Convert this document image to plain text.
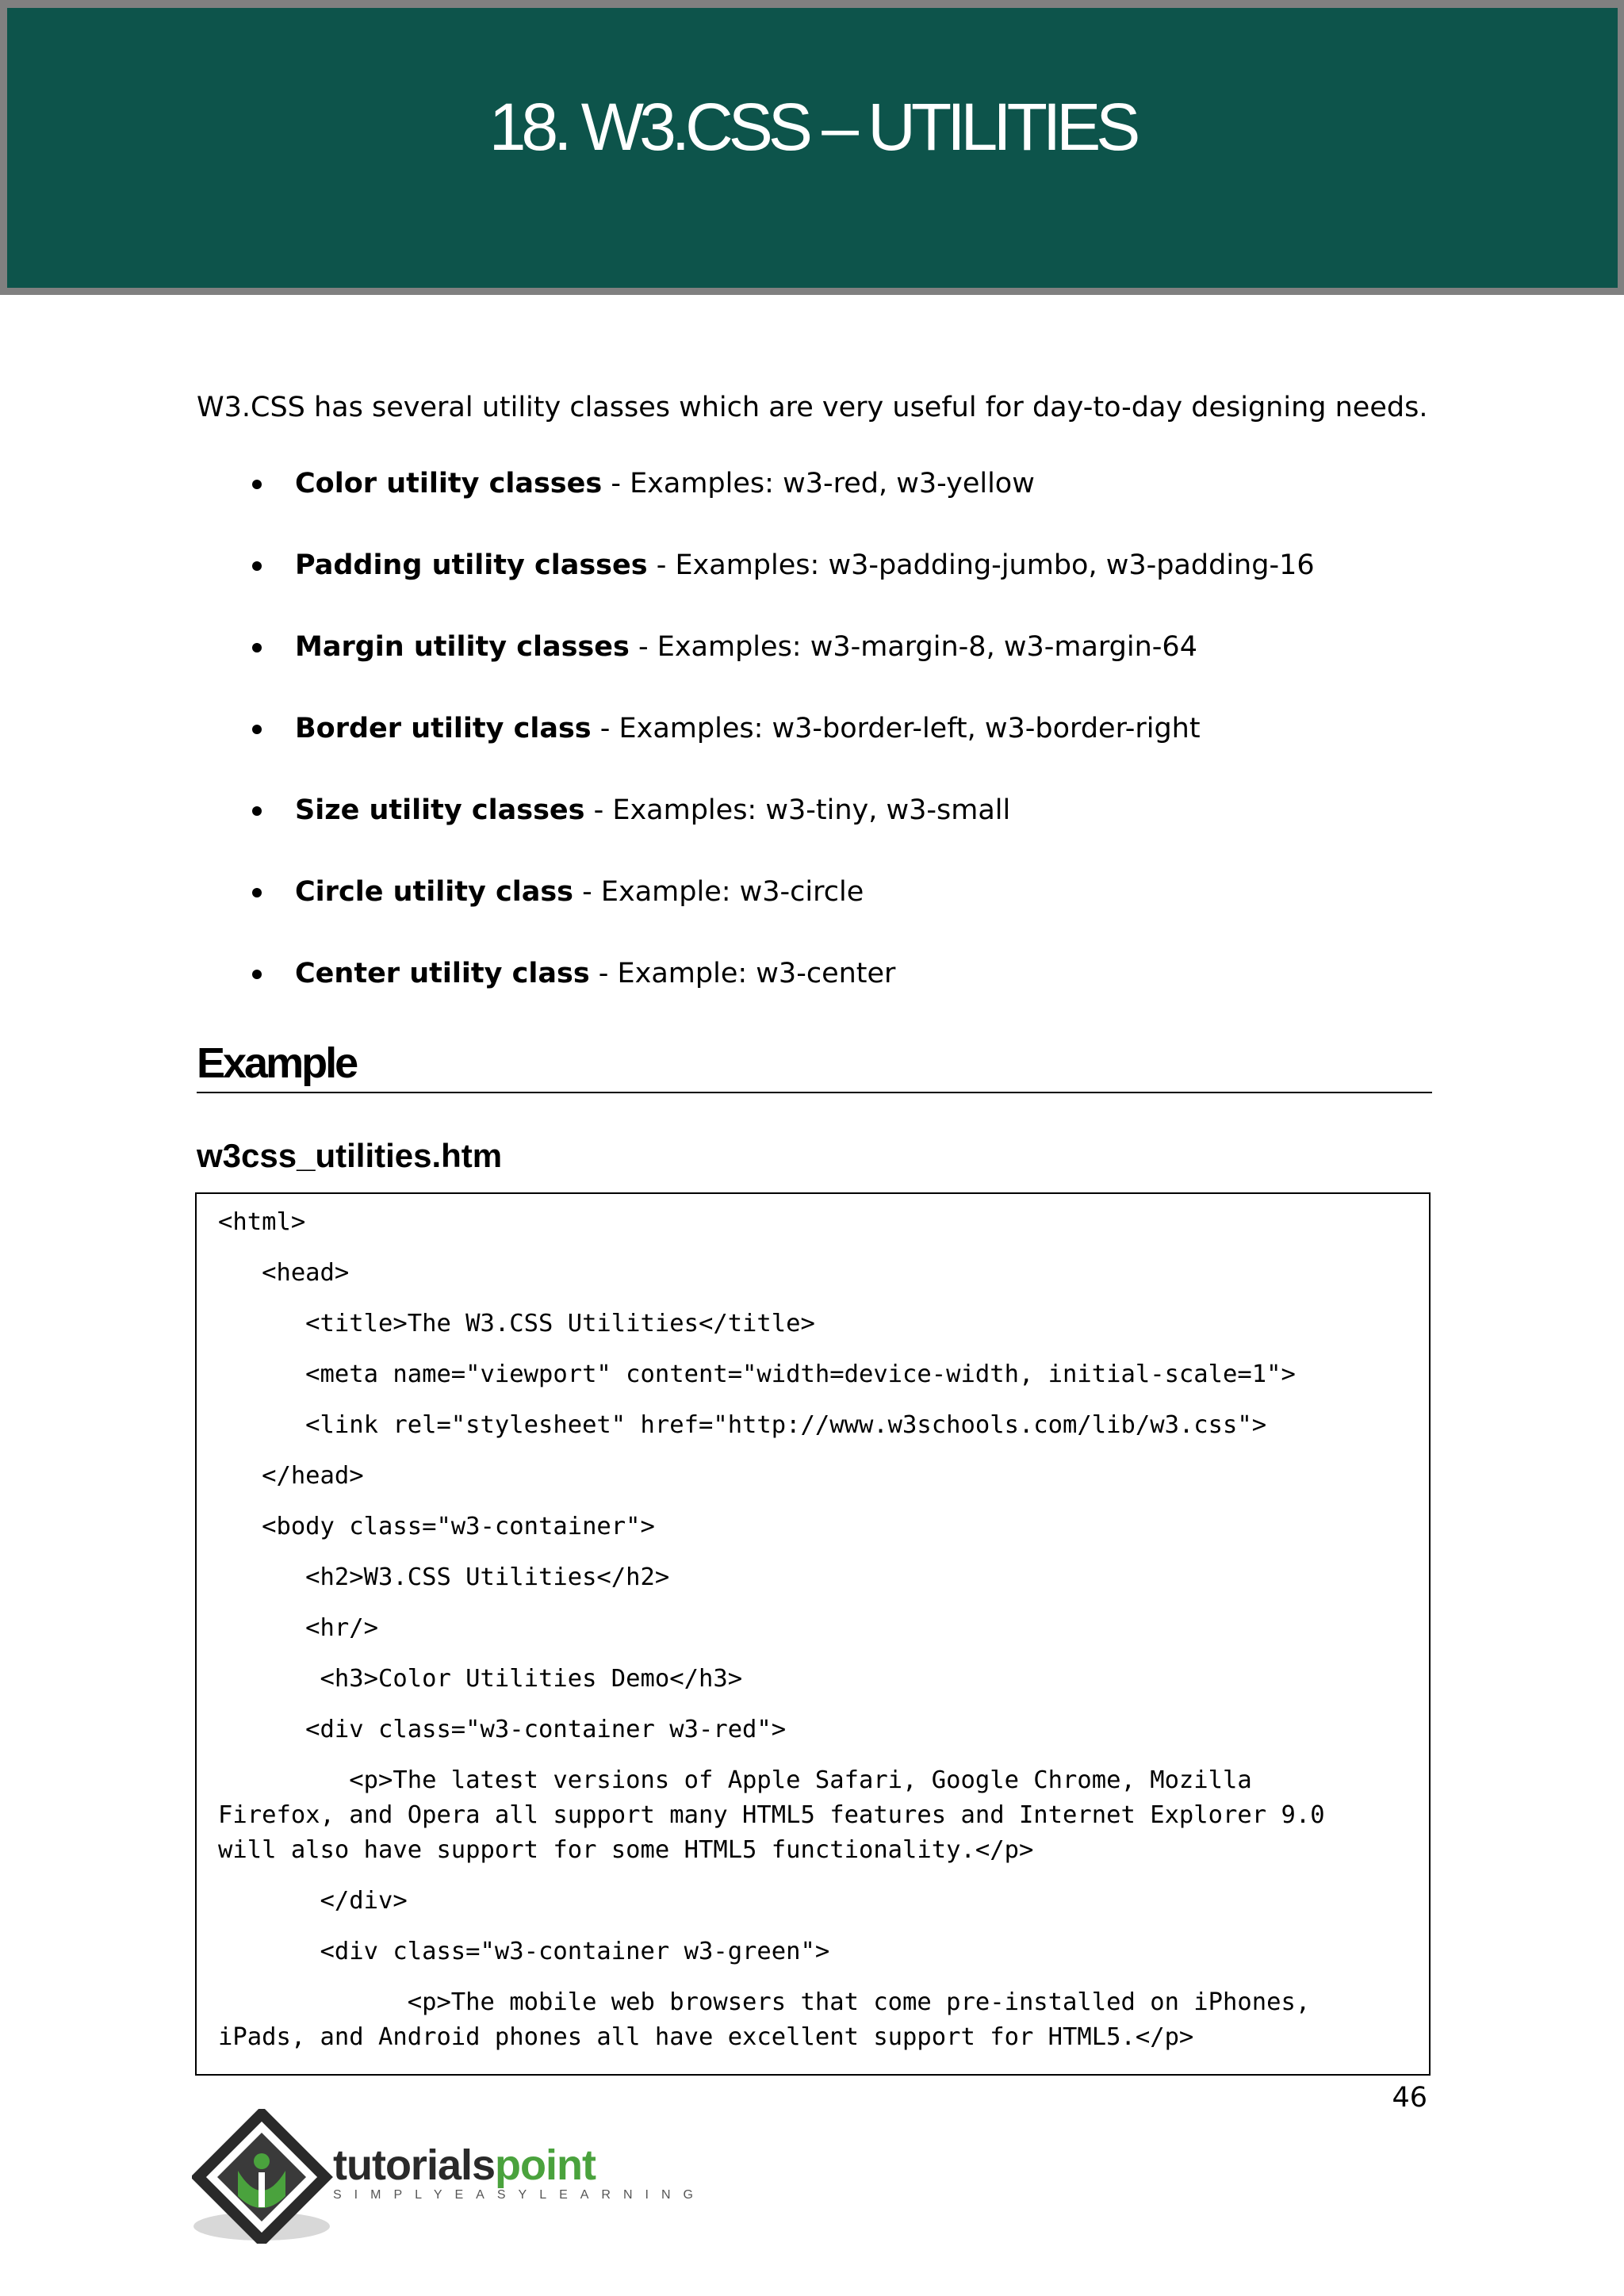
18. W3.CSS – UTILITIES
W3.CSS has several utility classes which are very useful for day-to-day designing needs.
Color utility classes - Examples: w3-red, w3-yellow
Padding utility classes - Examples: w3-padding-jumbo, w3-padding-16
Margin utility classes - Examples: w3-margin-8, w3-margin-64
Border utility class - Examples: w3-border-left, w3-border-right
Size utility classes - Examples: w3-tiny, w3-small
Circle utility class - Example: w3-circle
Center utility class - Example: w3-center
Example
w3css_utilities.htm
<html>
<head>
<title>The W3.CSS Utilities</title>
<meta name="viewport" content="width=device-width, initial-scale=1">
<link rel="stylesheet" href="http://www.w3schools.com/lib/w3.css">
</head>
<body class="w3-container">
<h2>W3.CSS Utilities</h2>
<hr/>
<h3>Color Utilities Demo</h3>
<div class="w3-container w3-red">
<p>The latest versions of Apple Safari, Google Chrome, Mozilla
Firefox, and Opera all support many HTML5 features and Internet Explorer 9.0
will also have support for some HTML5 functionality.</p>
</div>
<div class="w3-container w3-green">
<p>The mobile web browsers that come pre-installed on iPhones,
iPads, and Android phones all have excellent support for HTML5.</p>
46
tutorialspoint
SIMPLYEASYLEARNING
